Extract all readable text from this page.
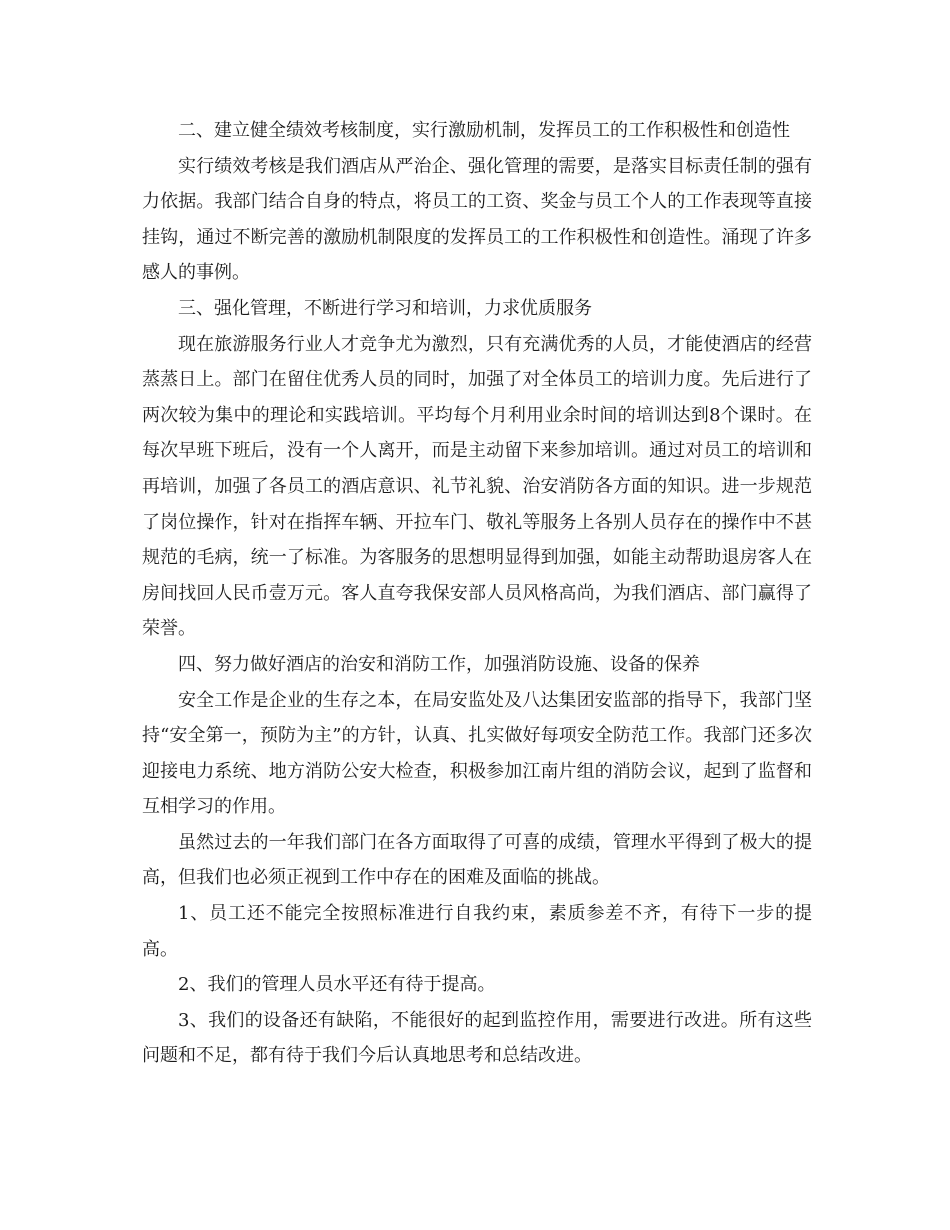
二、建立健全绩效考核制度，实行激励机制，发挥员工的工作积极性和创造性

实行绩效考核是我们酒店从严治企、强化管理的需要，是落实目标责任制的强有力依据。我部门结合自身的特点，将员工的工资、奖金与员工个人的工作表现等直接挂钩，通过不断完善的激励机制限度的发挥员工的工作积极性和创造性。涌现了许多感人的事例。

三、强化管理，不断进行学习和培训，力求优质服务

现在旅游服务行业人才竞争尤为激烈，只有充满优秀的人员，才能使酒店的经营蒸蒸日上。部门在留住优秀人员的同时，加强了对全体员工的培训力度。先后进行了两次较为集中的理论和实践培训。平均每个月利用业余时间的培训达到8个课时。在每次早班下班后，没有一个人离开，而是主动留下来参加培训。通过对员工的培训和再培训，加强了各员工的酒店意识、礼节礼貌、治安消防各方面的知识。进一步规范了岗位操作，针对在指挥车辆、开拉车门、敬礼等服务上各别人员存在的操作中不甚规范的毛病，统一了标准。为客服务的思想明显得到加强，如能主动帮助退房客人在房间找回人民币壹万元。客人直夸我保安部人员风格高尚，为我们酒店、部门赢得了荣誉。

四、努力做好酒店的治安和消防工作，加强消防设施、设备的保养

安全工作是企业的生存之本，在局安监处及八达集团安监部的指导下，我部门坚持“安全第一，预防为主”的方针，认真、扎实做好每项安全防范工作。我部门还多次迎接电力系统、地方消防公安大检查，积极参加江南片组的消防会议，起到了监督和互相学习的作用。

虽然过去的一年我们部门在各方面取得了可喜的成绩，管理水平得到了极大的提高，但我们也必须正视到工作中存在的困难及面临的挑战。

1、员工还不能完全按照标准进行自我约束，素质参差不齐，有待下一步的提高。

2、我们的管理人员水平还有待于提高。

3、我们的设备还有缺陷，不能很好的起到监控作用，需要进行改进。所有这些问题和不足，都有待于我们今后认真地思考和总结改进。
